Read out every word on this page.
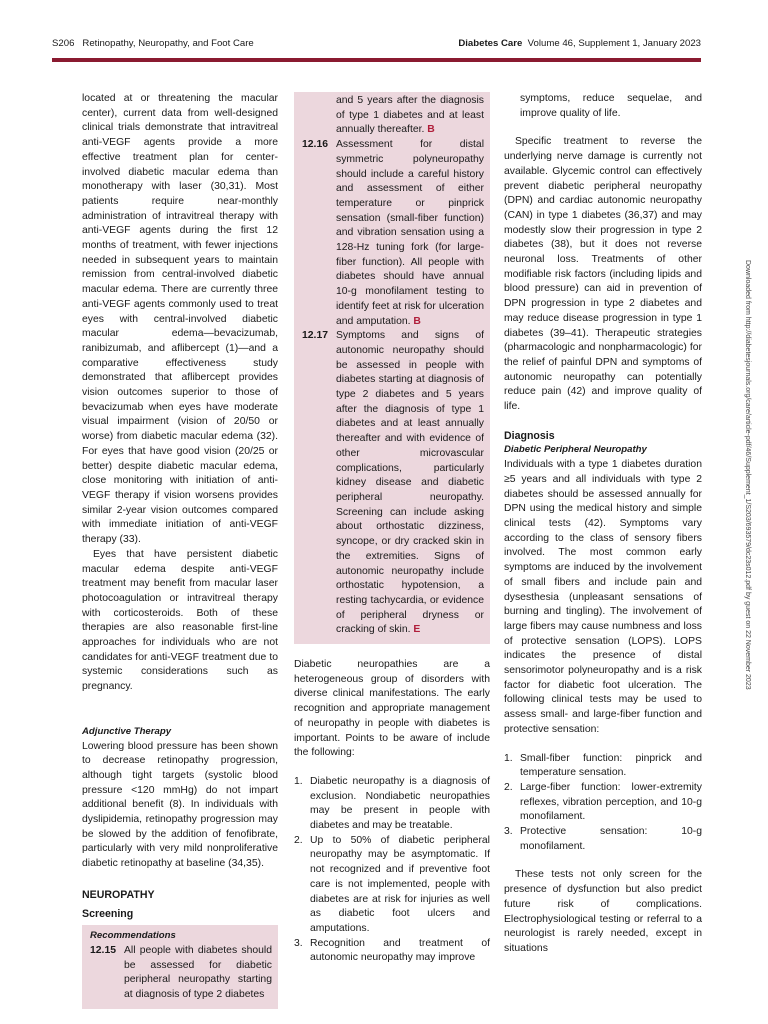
S206 Retinopathy, Neuropathy, and Foot Care	Diabetes Care Volume 46, Supplement 1, January 2023

located at or threatening the macular center), current data from well-designed clinical trials demonstrate that intravitreal anti-VEGF agents provide a more effective treatment plan for center-involved diabetic macular edema than monotherapy with laser (30,31). Most patients require near-monthly administration of intravitreal therapy with anti-VEGF agents during the first 12 months of treatment, with fewer injections needed in subsequent years to maintain remission from central-involved diabetic macular edema. There are currently three anti-VEGF agents commonly used to treat eyes with central-involved diabetic macular edema—bevacizumab, ranibizumab, and aflibercept (1)—and a comparative effectiveness study demonstrated that aflibercept provides vision outcomes superior to those of bevacizumab when eyes have moderate visual impairment (vision of 20/50 or worse) from diabetic macular edema (32). For eyes that have good vision (20/25 or better) despite diabetic macular edema, close monitoring with initiation of anti-VEGF therapy if vision worsens provides similar 2-year vision outcomes compared with immediate initiation of anti-VEGF therapy (33).

Eyes that have persistent diabetic macular edema despite anti-VEGF treatment may benefit from macular laser photocoagulation or intravitreal therapy with corticosteroids. Both of these therapies are also reasonable first-line approaches for individuals who are not candidates for anti-VEGF treatment due to systemic considerations such as pregnancy.

Adjunctive Therapy

Lowering blood pressure has been shown to decrease retinopathy progression, although tight targets (systolic blood pressure <120 mmHg) do not impart additional benefit (8). In individuals with dyslipidemia, retinopathy progression may be slowed by the addition of fenofibrate, particularly with very mild nonproliferative diabetic retinopathy at baseline (34,35).

NEUROPATHY

Screening

Recommendations
12.15 All people with diabetes should be assessed for diabetic peripheral neuropathy starting at diagnosis of type 2 diabetes
and 5 years after the diagnosis of type 1 diabetes and at least annually thereafter. B
12.16 Assessment for distal symmetric polyneuropathy should include a careful history and assessment of either temperature or pinprick sensation (small-fiber function) and vibration sensation using a 128-Hz tuning fork (for large-fiber function). All people with diabetes should have annual 10-g monofilament testing to identify feet at risk for ulceration and amputation. B
12.17 Symptoms and signs of autonomic neuropathy should be assessed in people with diabetes starting at diagnosis of type 2 diabetes and 5 years after the diagnosis of type 1 diabetes and at least annually thereafter and with evidence of other microvascular complications, particularly kidney disease and diabetic peripheral neuropathy. Screening can include asking about orthostatic dizziness, syncope, or dry cracked skin in the extremities. Signs of autonomic neuropathy include orthostatic hypotension, a resting tachycardia, or evidence of peripheral dryness or cracking of skin. E

Diabetic neuropathies are a heterogeneous group of disorders with diverse clinical manifestations. The early recognition and appropriate management of neuropathy in people with diabetes is important. Points to be aware of include the following:

1. Diabetic neuropathy is a diagnosis of exclusion. Nondiabetic neuropathies may be present in people with diabetes and may be treatable.
2. Up to 50% of diabetic peripheral neuropathy may be asymptomatic. If not recognized and if preventive foot care is not implemented, people with diabetes are at risk for injuries as well as diabetic foot ulcers and amputations.
3. Recognition and treatment of autonomic neuropathy may improve

symptoms, reduce sequelae, and improve quality of life.

Specific treatment to reverse the underlying nerve damage is currently not available. Glycemic control can effectively prevent diabetic peripheral neuropathy (DPN) and cardiac autonomic neuropathy (CAN) in type 1 diabetes (36,37) and may modestly slow their progression in type 2 diabetes (38), but it does not reverse neuronal loss. Treatments of other modifiable risk factors (including lipids and blood pressure) can aid in prevention of DPN progression in type 2 diabetes and may reduce disease progression in type 1 diabetes (39–41). Therapeutic strategies (pharmacologic and nonpharmacologic) for the relief of painful DPN and symptoms of autonomic neuropathy can potentially reduce pain (42) and improve quality of life.

Diagnosis

Diabetic Peripheral Neuropathy

Individuals with a type 1 diabetes duration ≥5 years and all individuals with type 2 diabetes should be assessed annually for DPN using the medical history and simple clinical tests (42). Symptoms vary according to the class of sensory fibers involved. The most common early symptoms are induced by the involvement of small fibers and include pain and dysesthesia (unpleasant sensations of burning and tingling). The involvement of large fibers may cause numbness and loss of protective sensation (LOPS). LOPS indicates the presence of distal sensorimotor polyneuropathy and is a risk factor for diabetic foot ulceration. The following clinical tests may be used to assess small- and large-fiber function and protective sensation:

1. Small-fiber function: pinprick and temperature sensation.
2. Large-fiber function: lower-extremity reflexes, vibration perception, and 10-g monofilament.
3. Protective sensation: 10-g monofilament.

These tests not only screen for the presence of dysfunction but also predict future risk of complications. Electrophysiological testing or referral to a neurologist is rarely needed, except in situations

Downloaded from http://diabetesjournals.org/care/article-pdf/46/Supplement_1/S203/693579/dc23s012.pdf by guest on 22 November 2023
